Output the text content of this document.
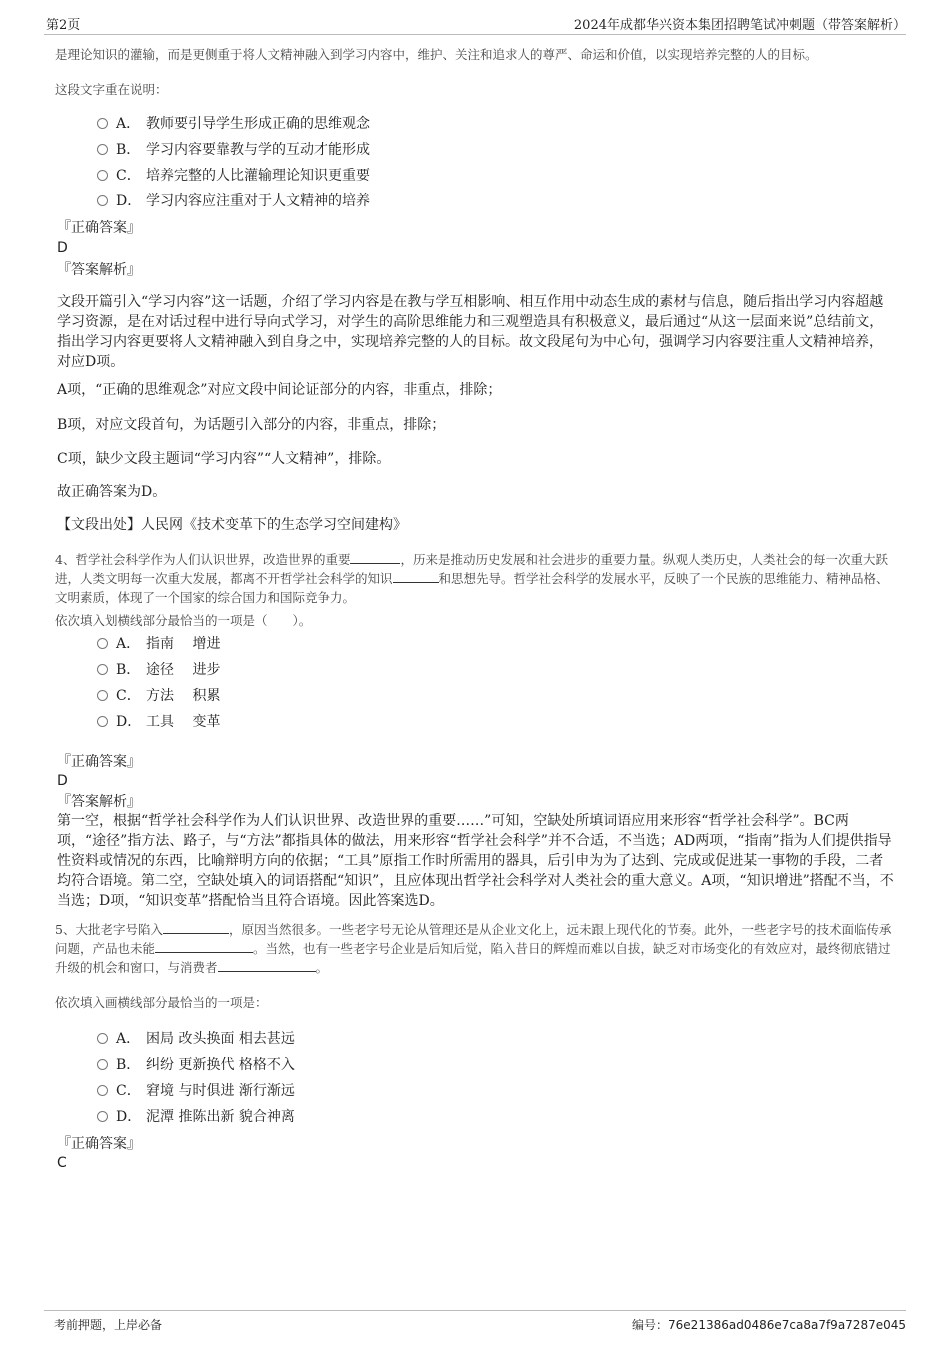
第2页	2024年成都华兴资本集团招聘笔试冲刺题（带答案解析）

是理论知识的灌输，而是更侧重于将人文精神融入到学习内容中，维护、关注和追求人的尊严、命运和价值，以实现培养完整的人的目标。

这段文字重在说明：

A． 教师要引导学生形成正确的思维观念
B． 学习内容要靠教与学的互动才能形成
C． 培养完整的人比灌输理论知识更重要
D． 学习内容应注重对于人文精神的培养

『正确答案』

D

『答案解析』

文段开篇引入“学习内容”这一话题，介绍了学习内容是在教与学互相影响、相互作用中动态生成的素材与信息，随后指出学习内容超越学习资源，是在对话过程中进行导向式学习，对学生的高阶思维能力和三观塑造具有积极意义，最后通过“从这一层面来说”总结前文，指出学习内容更要将人文精神融入到自身之中，实现培养完整的人的目标。故文段尾句为中心句，强调学习内容要注重人文精神培养，对应D项。

A项，“正确的思维观念”对应文段中间论证部分的内容，非重点，排除；

B项，对应文段首句，为话题引入部分的内容，非重点，排除；

C项，缺少文段主题词“学习内容”“人文精神”，排除。

故正确答案为D。

【文段出处】人民网《技术变革下的生态学习空间建构》

4、哲学社会科学作为人们认识世界，改造世界的重要	，历来是推动历史发展和社会进步的重要力量。纵观人类历史，人类社会的每一次重大跃进，人类文明每一次重大发展，都离不开哲学社会科学的知识	和思想先导。哲学社会科学的发展水平，反映了一个民族的思维能力、精神品格、文明素质，体现了一个国家的综合国力和国际竞争力。

依次填入划横线部分最恰当的一项是（　　）。

A． 指南　 增进
B． 途径　 进步
C． 方法　 积累
D． 工具　 变革

『正确答案』

D

『答案解析』

第一空，根据“哲学社会科学作为人们认识世界、改造世界的重要……”可知，空缺处所填词语应用来形容“哲学社会科学”。BC两项，“途径”指方法、路子，与“方法”都指具体的做法，用来形容“哲学社会科学”并不合适，不当选；AD两项，“指南”指为人们提供指导性资料或情况的东西，比喻辩明方向的依据；“工具”原指工作时所需用的器具，后引申为为了达到、完成或促进某一事物的手段，二者均符合语境。第二空，空缺处填入的词语搭配“知识”，且应体现出哲学社会科学对人类社会的重大意义。A项，“知识增进”搭配不当，不当选；D项，“知识变革”搭配恰当且符合语境。因此答案选D。

5、大批老字号陷入	，原因当然很多。一些老字号无论从管理还是从企业文化上，远未跟上现代化的节奏。此外，一些老字号的技术面临传承问题，产品也未能	。当然，也有一些老字号企业是后知后觉，陷入昔日的辉煌而难以自拔，缺乏对市场变化的有效应对，最终彻底错过升级的机会和窗口，与消费者	。

依次填入画横线部分最恰当的一项是：

A． 困局 改头换面 相去甚远
B． 纠纷 更新换代 格格不入
C． 窘境 与时俱进 渐行渐远
D． 泥潭 推陈出新 貌合神离

『正确答案』

C

考前押题，上岸必备	编号：76e21386ad0486e7ca8a7f9a7287e045
